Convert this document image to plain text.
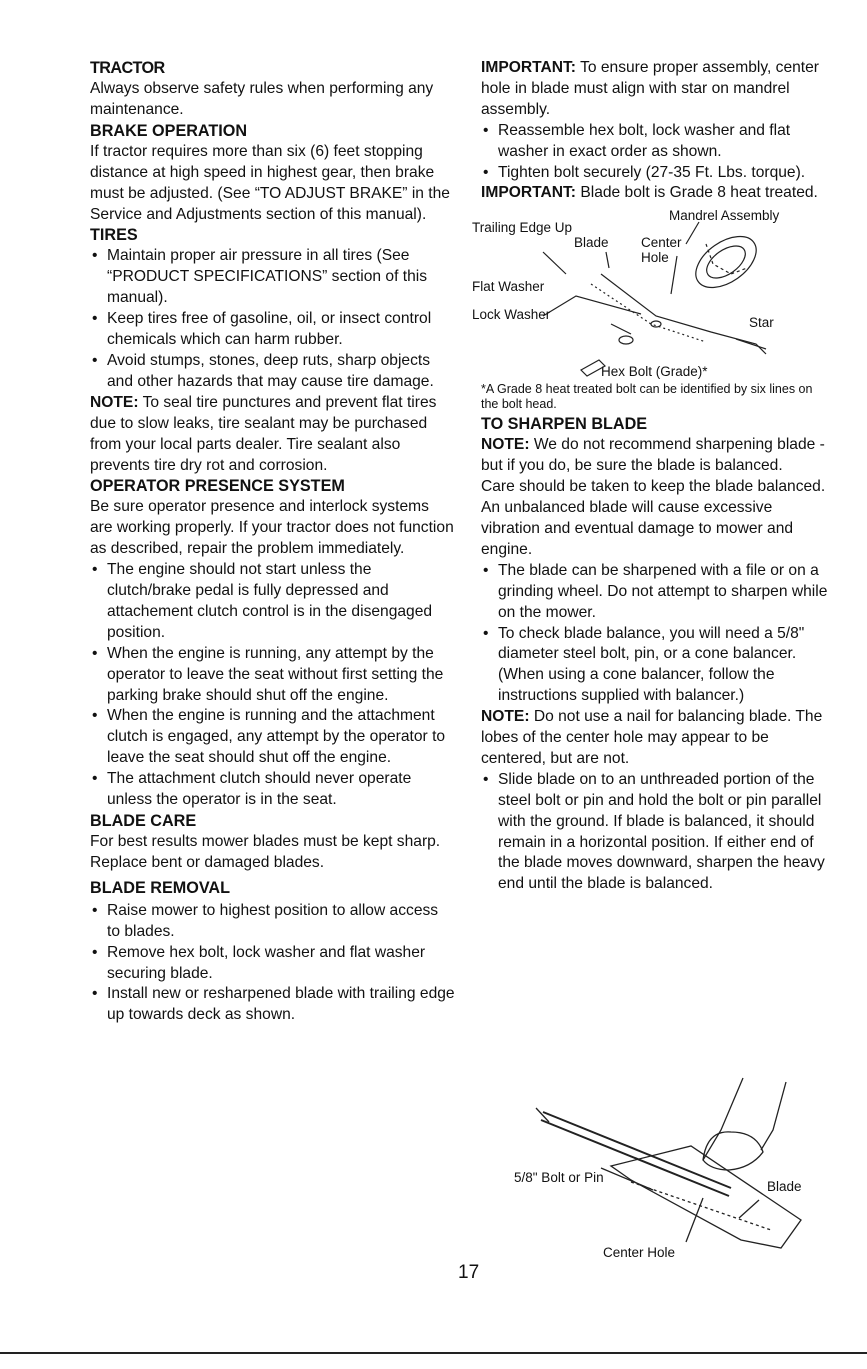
TRACTOR

Always observe safety rules when performing any maintenance.

BRAKE OPERATION

If tractor requires more than six (6) feet stopping distance at high speed in highest gear, then brake must be adjusted. (See “TO ADJUST BRAKE” in the Service and Adjustments section of this manual).

TIRES
• Maintain proper air pressure in all tires (See “PRODUCT SPECIFICATIONS” section of this manual).
• Keep tires free of gasoline, oil, or insect control chemicals which can harm rubber.
• Avoid stumps, stones, deep ruts, sharp objects and other hazards that may cause tire damage.

NOTE: To seal tire punctures and prevent flat tires due to slow leaks, tire sealant may be purchased from your local parts dealer. Tire sealant also prevents tire dry rot and corrosion.

OPERATOR PRESENCE SYSTEM

Be sure operator presence and interlock systems are working properly. If your tractor does not function as described, repair the problem immediately.

• The engine should not start unless the clutch/brake pedal is fully depressed and attachement clutch control is in the disengaged position.
• When the engine is running, any attempt by the operator to leave the seat without first setting the parking brake should shut off the engine.
• When the engine is running and the attachment clutch is engaged, any attempt by the operator to leave the seat should shut off the engine.
• The attachment clutch should never operate unless the operator is in the seat.
BLADE CARE

For best results mower blades must be kept sharp. Replace bent or damaged blades.

BLADE REMOVAL
• Raise mower to highest position to allow access to blades.
• Remove hex bolt, lock washer and flat washer securing blade.
• Install new or resharpened blade with trailing edge up towards deck as shown.

IMPORTANT: To ensure proper assembly, center hole in blade must align with star on mandrel assembly.

• Reassemble hex bolt, lock washer and flat washer in exact order as shown.
• Tighten bolt securely (27-35 Ft. Lbs. torque).

IMPORTANT: Blade bolt is Grade 8 heat treated.

Trailing Edge Up
Mandrel Assembly
Blade Center
Hole
Flat Washer
Lock Washer
Star
Hex Bolt (Grade)*

*A Grade 8 heat treated bolt can be identified by six lines on the bolt head.

TO SHARPEN BLADE

NOTE: We do not recommend sharpening blade - but if you do, be sure the blade is balanced.

Care should be taken to keep the blade balanced. An unbalanced blade will cause excessive vibration and eventual damage to mower and engine.

• The blade can be sharpened with a file or on a grinding wheel. Do not attempt to sharpen while on the mower.
• To check blade balance, you will need a 5/8" diameter steel bolt, pin, or a cone balancer. (When using a cone balancer, follow the instructions supplied with balancer.)

NOTE: Do not use a nail for balancing blade. The lobes of the center hole may appear to be centered, but are not.

• Slide blade on to an unthreaded portion of the steel bolt or pin and hold the bolt or pin parallel with the ground. If blade is balanced, it should remain in a horizontal position. If either end of the blade moves downward, sharpen the heavy end until the blade is balanced.
5/8" Bolt or Pin
Blade
Center Hole
17
